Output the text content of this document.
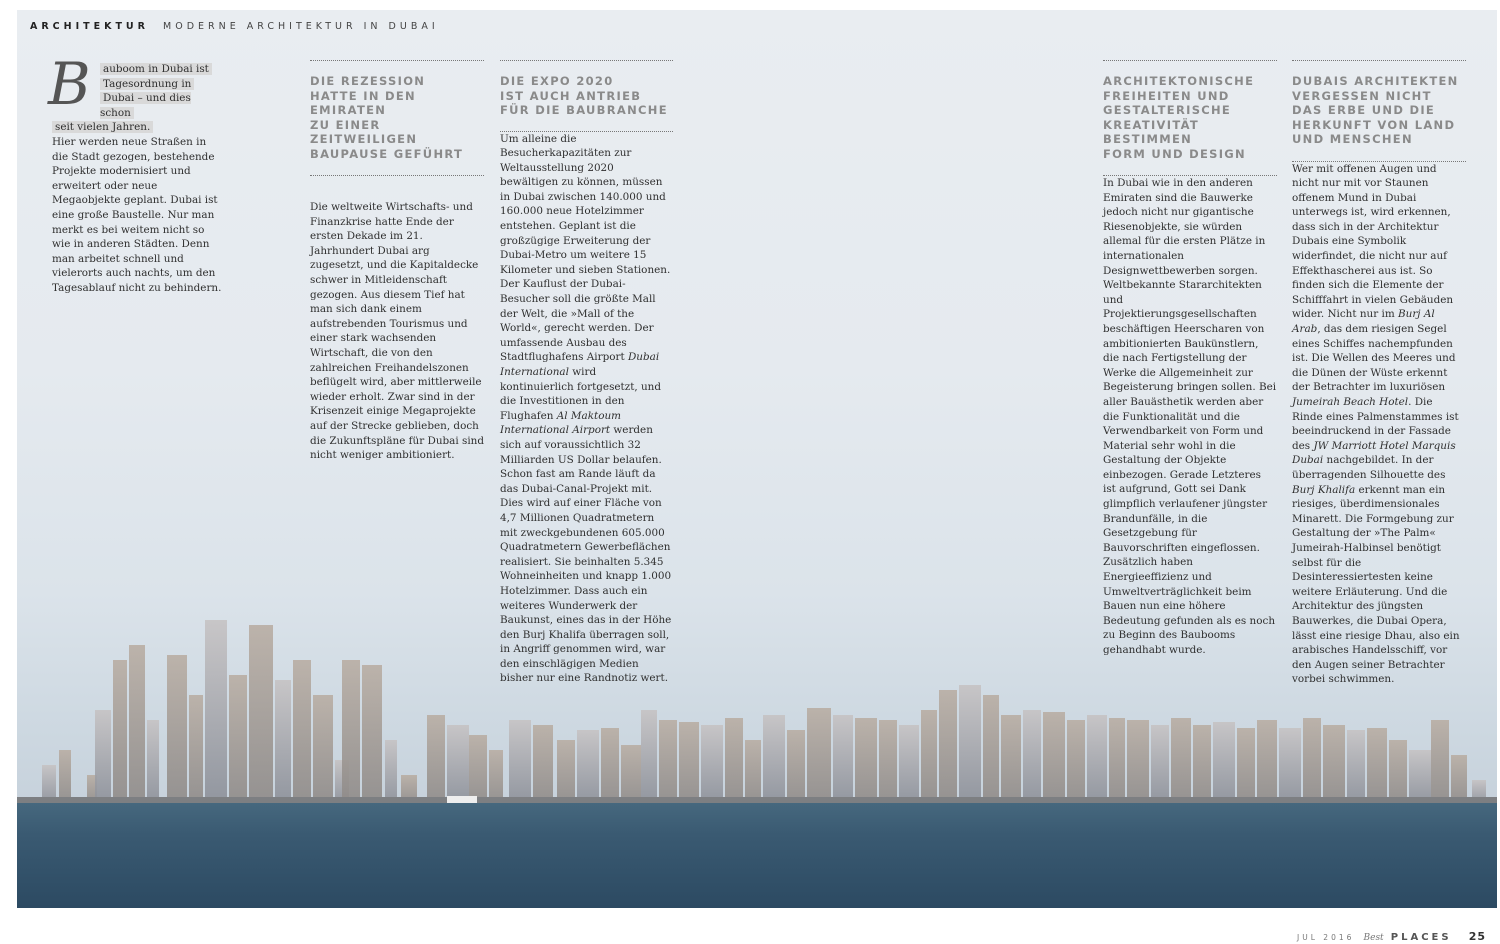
ARCHITEKTUR MODERNE ARCHITEKTUR IN DUBAI
B	auboom in Dubai ist
Tagesordnung in
Dubai – und dies schon
seit vielen Jahren.
Hier werden neue Straßen in die Stadt gezogen, bestehende Projekte modernisiert und erweitert oder neue Megaobjekte geplant. Dubai ist eine große Baustelle. Nur man merkt es bei weitem nicht so wie in anderen Städten. Denn man arbeitet schnell und vielerorts auch nachts, um den Tagesablauf nicht zu behindern.
DIE REZESSION
HATTE IN DEN EMIRATEN
ZU EINER ZEITWEILIGEN
BAUPAUSE GEFÜHRT

Die weltweite Wirtschafts- und Finanzkrise hatte Ende der ersten Dekade im 21. Jahrhundert Dubai arg zugesetzt, und die Kapitaldecke schwer in Mitleidenschaft gezogen. Aus diesem Tief hat man sich dank einem aufstrebenden Tourismus und einer stark wachsenden Wirtschaft, die von den zahlreichen Freihandelszonen beflügelt wird, aber mittlerweile wieder erholt. Zwar sind in der Krisenzeit einige Megaprojekte auf der Strecke geblieben, doch die Zukunftspläne für Dubai sind nicht weniger ambitioniert.

DIE EXPO 2020
IST AUCH ANTRIEB
FÜR DIE BAUBRANCHE

Um alleine die Besucherkapazitäten zur Weltausstellung 2020 bewältigen zu können, müssen in Dubai zwischen 140.000 und 160.000 neue Hotelzimmer entstehen. Geplant ist die großzügige Erweiterung der Dubai-Metro um weitere 15 Kilometer und sieben Stationen. Der Kauflust der Dubai-Besucher soll die größte Mall der Welt, die »Mall of the World«, gerecht werden. Der umfassende Ausbau des Stadtflughafens Airport Dubai International wird kontinuierlich fortgesetzt, und die Investitionen in den Flughafen Al Maktoum International Airport werden sich auf voraussichtlich 32 Milliarden US Dollar belaufen. Schon fast am Rande läuft da das Dubai-Canal-Projekt mit. Dies wird auf einer Fläche von 4,7 Millionen Quadratmetern mit zweckgebundenen 605.000 Quadratmetern Gewerbeflächen realisiert. Sie beinhalten 5.345 Wohneinheiten und knapp 1.000 Hotelzimmer. Dass auch ein weiteres Wunderwerk der Baukunst, eines das in der Höhe den Burj Khalifa überragen soll, in Angriff genommen wird, war den einschlägigen Medien bisher nur eine Randnotiz wert.

ARCHITEKTONISCHE
FREIHEITEN UND
GESTALTERISCHE
KREATIVITÄT BESTIMMEN
FORM UND DESIGN

In Dubai wie in den anderen Emiraten sind die Bauwerke jedoch nicht nur gigantische Riesenobjekte, sie würden allemal für die ersten Plätze in internationalen Designwettbewerben sorgen. Weltbekannte Stararchitekten und Projektierungsgesellschaften beschäftigen Heerscharen von ambitionierten Baukünstlern, die nach Fertigstellung der Werke die Allgemeinheit zur Begeisterung bringen sollen. Bei aller Bauästhetik werden aber die Funktionalität und die Verwendbarkeit von Form und Material sehr wohl in die Gestaltung der Objekte einbezogen. Gerade Letzteres ist aufgrund, Gott sei Dank glimpflich verlaufener jüngster Brandunfälle, in die Gesetzgebung für Bauvorschriften eingeflossen. Zusätzlich haben Energieeffizienz und Umweltverträglichkeit beim Bauen nun eine höhere Bedeutung gefunden als es noch zu Beginn des Baubooms gehandhabt wurde.

DUBAIS ARCHITEKTEN
VERGESSEN NICHT
DAS ERBE UND DIE
HERKUNFT VON LAND
UND MENSCHEN

Wer mit offenen Augen und nicht nur mit vor Staunen offenem Mund in Dubai unterwegs ist, wird erkennen, dass sich in der Architektur Dubais eine Symbolik widerfindet, die nicht nur auf Effekthascherei aus ist. So finden sich die Elemente der Schifffahrt in vielen Gebäuden wider. Nicht nur im Burj Al Arab, das dem riesigen Segel eines Schiffes nachempfunden ist. Die Wellen des Meeres und die Dünen der Wüste erkennt der Betrachter im luxuriösen Jumeirah Beach Hotel. Die Rinde eines Palmenstammes ist beeindruckend in der Fassade des JW Marriott Hotel Marquis Dubai nachgebildet. In der überragenden Silhouette des Burj Khalifa erkennt man ein riesiges, überdimensionales Minarett. Die Formgebung zur Gestaltung der »The Palm« Jumeirah-Halbinsel benötigt selbst für die Desinteressiertesten keine weitere Erläuterung. Und die Architektur des jüngsten Bauwerkes, die Dubai Opera, lässt eine riesige Dhau, also ein arabisches Handelsschiff, vor den Augen seiner Betrachter vorbei schwimmen.

JUL 2016 Best PLACES 25
